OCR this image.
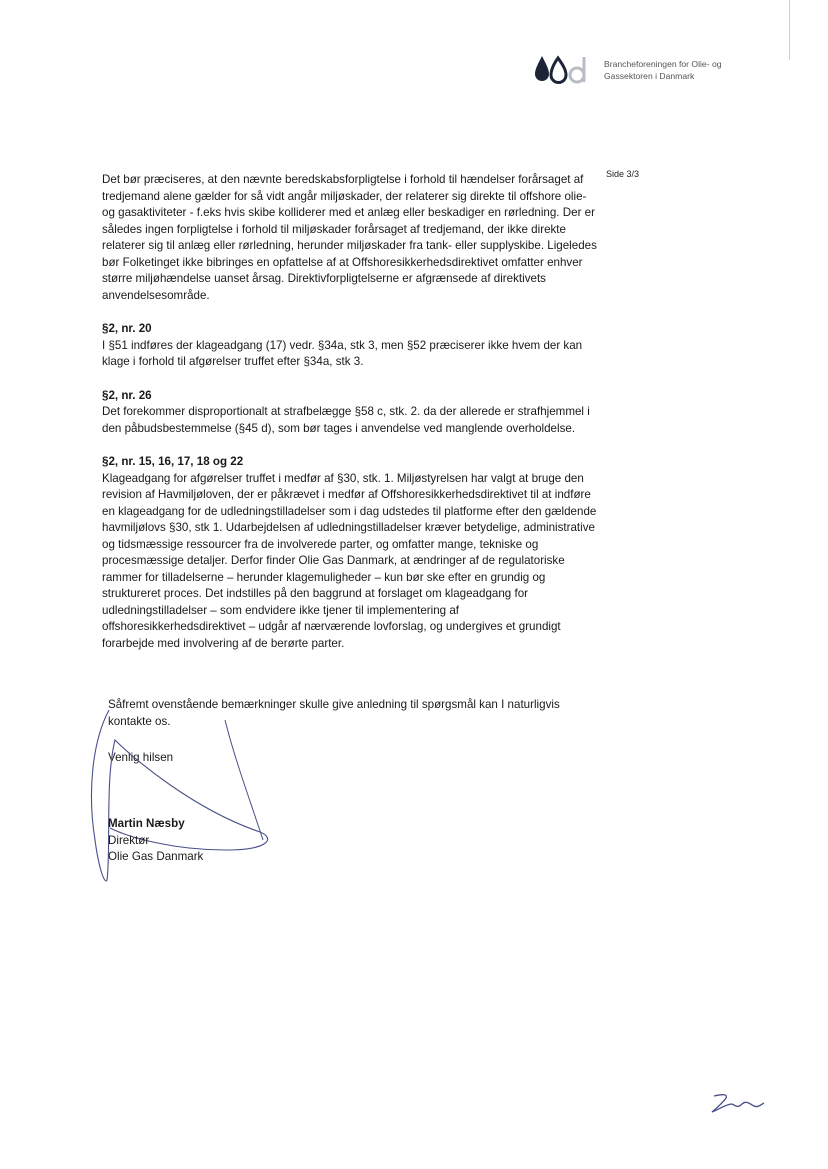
Brancheforeningen for Olie- og
Gassektoren i Danmark
Side 3/3

Det bør præciseres, at den nævnte beredskabsforpligtelse i forhold til hændelser forårsaget af tredjemand alene gælder for så vidt angår miljøskader, der relaterer sig direkte til offshore olie- og gasaktiviteter - f.eks hvis skibe kolliderer med et anlæg eller beskadiger en rørledning. Der er således ingen forpligtelse i forhold til miljøskader forårsaget af tredjemand, der ikke direkte relaterer sig til anlæg eller rørledning, herunder miljøskader fra tank- eller supplyskibe. Ligeledes bør Folketinget ikke bibringes en opfattelse af at Offshoresikkerhedsdirektivet omfatter enhver større miljøhændelse uanset årsag. Direktivforpligtelserne er afgrænsede af direktivets anvendelsesområde.

§2, nr. 20

I §51 indføres der klageadgang (17) vedr. §34a, stk 3, men §52 præciserer ikke hvem der kan klage i forhold til afgørelser truffet efter §34a, stk 3.

§2, nr. 26

Det forekommer disproportionalt at strafbelægge §58 c, stk. 2. da der allerede er strafhjemmel i den påbudsbestemmelse (§45 d), som bør tages i anvendelse ved manglende overholdelse.

§2, nr. 15, 16, 17, 18 og 22

Klageadgang for afgørelser truffet i medfør af §30, stk. 1. Miljøstyrelsen har valgt at bruge den revision af Havmiljøloven, der er påkrævet i medfør af Offshoresikkerhedsdirektivet til at indføre en klageadgang for de udledningstilladelser som i dag udstedes til platforme efter den gældende havmiljølovs §30, stk 1. Udarbejdelsen af udledningstilladelser kræver betydelige, administrative og tidsmæssige ressourcer fra de involverede parter, og omfatter mange, tekniske og procesmæssige detaljer. Derfor finder Olie Gas Danmark, at ændringer af de regulatoriske rammer for tilladelserne – herunder klagemuligheder – kun bør ske efter en grundig og struktureret proces. Det indstilles på den baggrund at forslaget om klageadgang for udledningstilladelser – som endvidere ikke tjener til implementering af offshoresikkerhedsdirektivet – udgår af nærværende lovforslag, og undergives et grundigt forarbejde med involvering af de berørte parter.

Såfremt ovenstående bemærkninger skulle give anledning til spørgsmål kan I naturligvis kontakte os.
Venlig hilsen
Martin Næsby
Direktør
Olie Gas Danmark
